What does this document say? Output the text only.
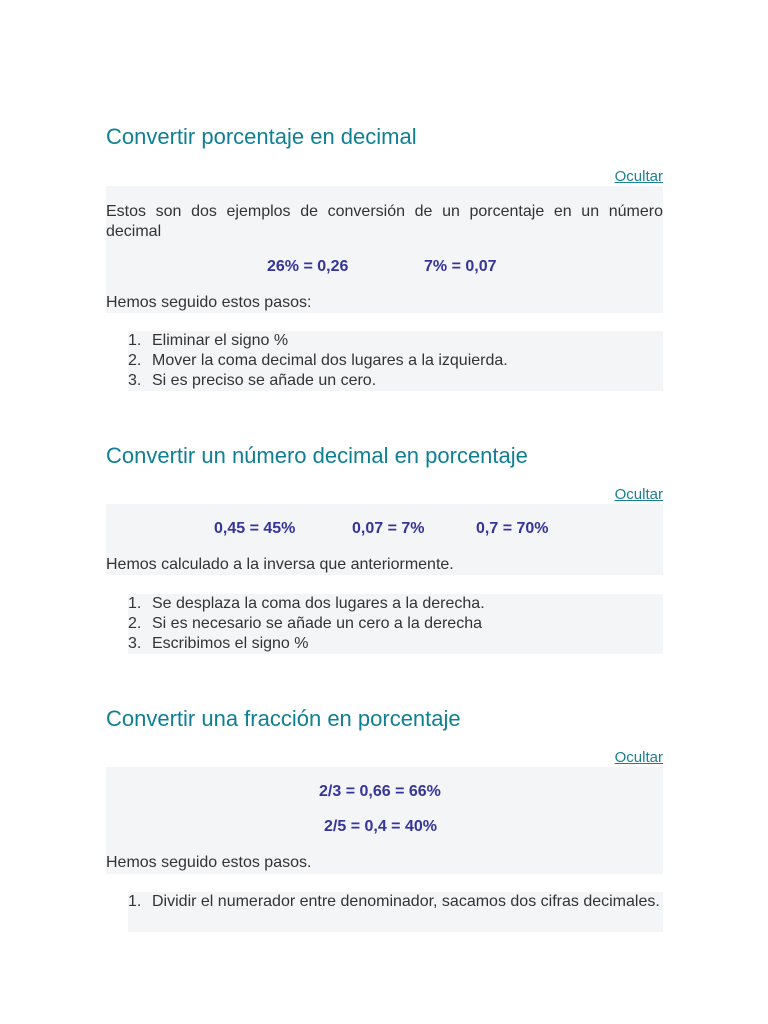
Convertir porcentaje en decimal
Ocultar

Estos son dos ejemplos de conversión de un porcentaje en un número decimal

26% = 0,26	7% = 0,07

Hemos seguido estos pasos:

1. Eliminar el signo %
2. Mover la coma decimal dos lugares a la izquierda.
3. Si es preciso se añade un cero.
Convertir un número decimal en porcentaje
Ocultar
0,45 = 45%	0,07 = 7%	0,7 = 70%

Hemos calculado a la inversa que anteriormente.

1. Se desplaza la coma dos lugares a la derecha.
2. Si es necesario se añade un cero a la derecha
3. Escribimos el signo %
Convertir una fracción en porcentaje
Ocultar
2/3 = 0,66 = 66%
2/5 = 0,4 = 40%

Hemos seguido estos pasos.

1. Dividir el numerador entre denominador, sacamos dos cifras decimales.
